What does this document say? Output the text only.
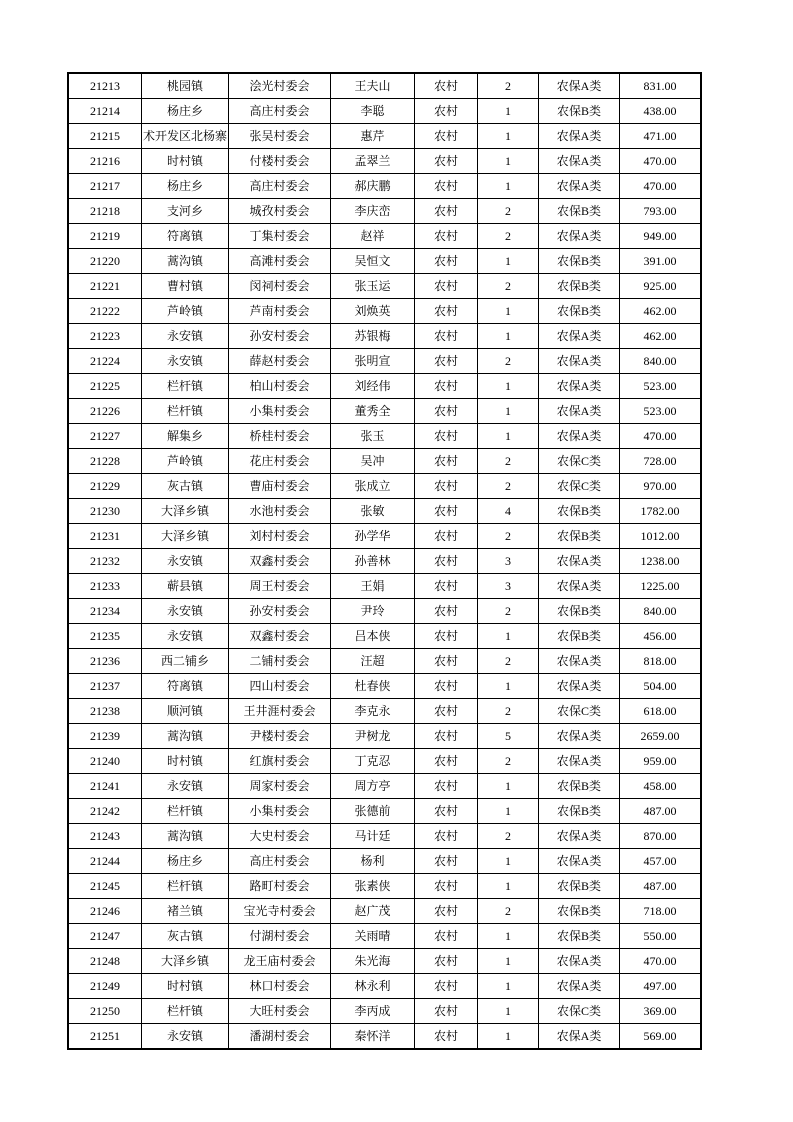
21213	桃园镇	浍光村委会	王夫山	农村	2	农保A类	831.00
21214	杨庄乡	高庄村委会	李聪	农村	1	农保B类	438.00
21215	术开发区北杨寨	张吴村委会	惠芹	农村	1	农保A类	471.00
21216	时村镇	付楼村委会	孟翠兰	农村	1	农保A类	470.00
21217	杨庄乡	高庄村委会	郝庆鹏	农村	1	农保A类	470.00
21218	支河乡	城孜村委会	李庆峦	农村	2	农保B类	793.00
21219	符离镇	丁集村委会	赵祥	农村	2	农保A类	949.00
21220	蒿沟镇	高滩村委会	吴恒文	农村	1	农保B类	391.00
21221	曹村镇	闵祠村委会	张玉运	农村	2	农保B类	925.00
21222	芦岭镇	芦南村委会	刘焕英	农村	1	农保B类	462.00
21223	永安镇	孙安村委会	苏银梅	农村	1	农保A类	462.00
21224	永安镇	薛赵村委会	张明宣	农村	2	农保A类	840.00
21225	栏杆镇	柏山村委会	刘经伟	农村	1	农保A类	523.00
21226	栏杆镇	小集村委会	董秀全	农村	1	农保A类	523.00
21227	解集乡	桥桂村委会	张玉	农村	1	农保A类	470.00
21228	芦岭镇	花庄村委会	吴冲	农村	2	农保C类	728.00
21229	灰古镇	曹庙村委会	张成立	农村	2	农保C类	970.00
21230	大泽乡镇	水池村委会	张敏	农村	4	农保B类	1782.00
21231	大泽乡镇	刘村村委会	孙学华	农村	2	农保B类	1012.00
21232	永安镇	双鑫村委会	孙善林	农村	3	农保A类	1238.00
21233	蕲县镇	周王村委会	王娟	农村	3	农保A类	1225.00
21234	永安镇	孙安村委会	尹玲	农村	2	农保B类	840.00
21235	永安镇	双鑫村委会	吕本侠	农村	1	农保B类	456.00
21236	西二铺乡	二铺村委会	汪超	农村	2	农保A类	818.00
21237	符离镇	四山村委会	杜春侠	农村	1	农保A类	504.00
21238	顺河镇	王井涯村委会	李克永	农村	2	农保C类	618.00
21239	蒿沟镇	尹楼村委会	尹树龙	农村	5	农保A类	2659.00
21240	时村镇	红旗村委会	丁克忍	农村	2	农保A类	959.00
21241	永安镇	周家村委会	周方亭	农村	1	农保B类	458.00
21242	栏杆镇	小集村委会	张德前	农村	1	农保B类	487.00
21243	蒿沟镇	大史村委会	马计廷	农村	2	农保A类	870.00
21244	杨庄乡	高庄村委会	杨利	农村	1	农保A类	457.00
21245	栏杆镇	路町村委会	张素侠	农村	1	农保B类	487.00
21246	褚兰镇	宝光寺村委会	赵广茂	农村	2	农保B类	718.00
21247	灰古镇	付湖村委会	关雨晴	农村	1	农保B类	550.00
21248	大泽乡镇	龙王庙村委会	朱光海	农村	1	农保A类	470.00
21249	时村镇	林口村委会	林永利	农村	1	农保A类	497.00
21250	栏杆镇	大旺村委会	李丙成	农村	1	农保C类	369.00
21251	永安镇	潘湖村委会	秦怀洋	农村	1	农保A类	569.00
